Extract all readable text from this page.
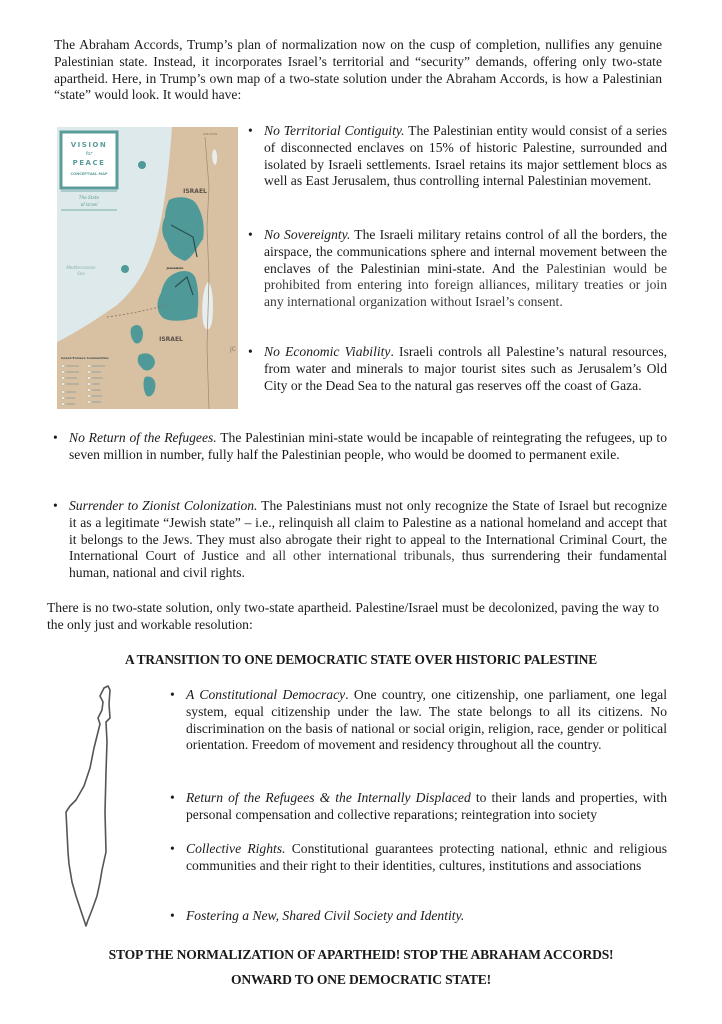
The Abraham Accords, Trump’s plan of normalization now on the cusp of completion, nullifies any genuine Palestinian state. Instead, it incorporates Israel’s territorial and “security” demands, offering only two-state apartheid. Here, in Trump’s own map of a two-state solution under the Abraham Accords, is how a Palestinian “state” would look. It would have:

VISION
for
PEACE
CONCEPTUAL MAP
The State
of Israel
Mediterranean
Sea
ISRAEL
ISRAEL
LEBANON
JC
Jerusalem
Israeli Enclave Communities
• No Territorial Contiguity. The Palestinian entity would consist of a series of disconnected enclaves on 15% of historic Palestine, surrounded and isolated by Israeli settlements. Israel retains its major settlement blocs as well as East Jerusalem, thus controlling internal Palestinian movement.
• No Sovereignty. The Israeli military retains control of all the borders, the airspace, the communications sphere and internal movement between the enclaves of the Palestinian mini-state. And the Palestinian would be prohibited from entering into foreign alliances, military treaties or join any international organization without Israel’s consent.
• No Economic Viability. Israeli controls all Palestine’s natural resources, from water and minerals to major tourist sites such as Jerusalem’s Old City or the Dead Sea to the natural gas reserves off the coast of Gaza.
• No Return of the Refugees. The Palestinian mini-state would be incapable of reintegrating the refugees, up to seven million in number, fully half the Palestinian people, who would be doomed to permanent exile.
• Surrender to Zionist Colonization. The Palestinians must not only recognize the State of Israel but recognize it as a legitimate “Jewish state” – i.e., relinquish all claim to Palestine as a national homeland and accept that it belongs to the Jews. They must also abrogate their right to appeal to the International Criminal Court, the International Court of Justice and all other international tribunals, thus surrendering their fundamental human, national and civil rights.

There is no two-state solution, only two-state apartheid. Palestine/Israel must be decolonized, paving the way to the only just and workable resolution:

A TRANSITION TO ONE DEMOCRATIC STATE OVER HISTORIC PALESTINE
• A Constitutional Democracy. One country, one citizenship, one parliament, one legal system, equal citizenship under the law. The state belongs to all its citizens. No discrimination on the basis of national or social origin, religion, race, gender or political orientation. Freedom of movement and residency throughout all the country.
• Return of the Refugees & the Internally Displaced to their lands and properties, with personal compensation and collective reparations; reintegration into society
• Collective Rights. Constitutional guarantees protecting national, ethnic and religious communities and their right to their identities, cultures, institutions and associations
• Fostering a New, Shared Civil Society and Identity.
STOP THE NORMALIZATION OF APARTHEID! STOP THE ABRAHAM ACCORDS!
ONWARD TO ONE DEMOCRATIC STATE!
